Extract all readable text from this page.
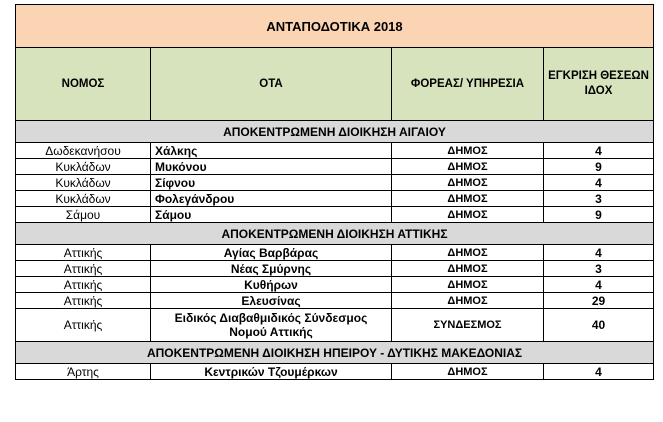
ΑΝΤΑΠΟΔΟΤΙΚΑ 2018			
ΝΟΜΟΣ	ΟΤΑ	ΦΟΡΕΑΣ/ ΥΠΗΡΕΣΙΑ	ΕΓΚΡΙΣΗ ΘΕΣΕΩΝ ΙΔΟΧ
ΑΠΟΚΕΝΤΡΩΜΕΝΗ ΔΙΟΙΚΗΣΗ ΑΙΓΑΙΟΥ			
Δωδεκανήσου	Χάλκης	ΔΗΜΟΣ	4
Κυκλάδων	Μυκόνου	ΔΗΜΟΣ	9
Κυκλάδων	Σίφνου	ΔΗΜΟΣ	4
Κυκλάδων	Φολεγάνδρου	ΔΗΜΟΣ	3
Σάμου	Σάμου	ΔΗΜΟΣ	9
ΑΠΟΚΕΝΤΡΩΜΕΝΗ ΔΙΟΙΚΗΣΗ ΑΤΤΙΚΗΣ			
Αττικής	Αγίας Βαρβάρας	ΔΗΜΟΣ	4
Αττικής	Νέας Σμύρνης	ΔΗΜΟΣ	3
Αττικής	Κυθήρων	ΔΗΜΟΣ	4
Αττικής	Ελευσίνας	ΔΗΜΟΣ	29
Αττικής	Ειδικός Διαβαθμιδικός Σύνδεσμος Νομού Αττικής	ΣΥΝΔΕΣΜΟΣ	40
ΑΠΟΚΕΝΤΡΩΜΕΝΗ ΔΙΟΙΚΗΣΗ ΗΠΕΙΡΟΥ - ΔΥΤΙΚΗΣ ΜΑΚΕΔΟΝΙΑΣ			
Άρτης	Κεντρικών Τζουμέρκων	ΔΗΜΟΣ	4
